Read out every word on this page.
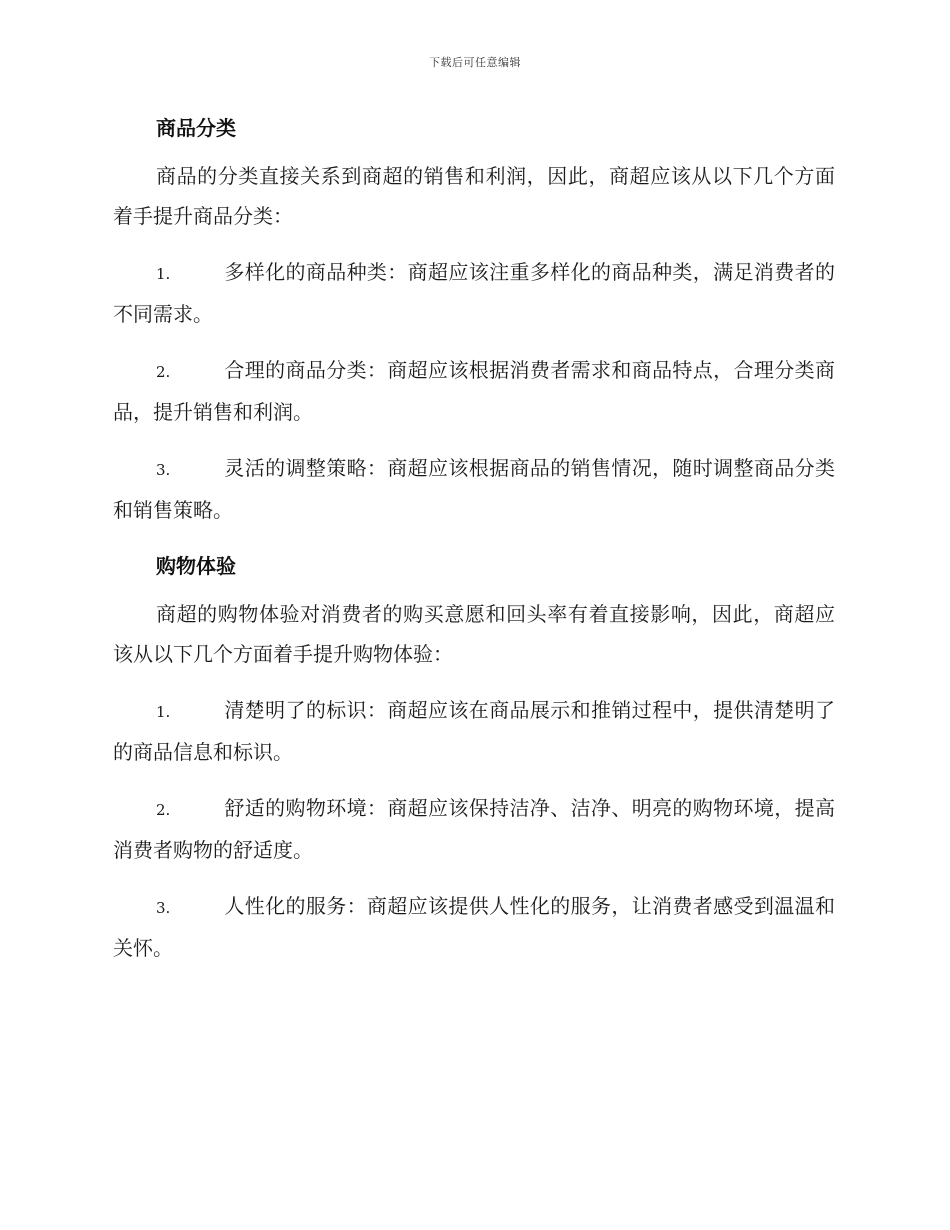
下载后可任意编辑
商品分类

商品的分类直接关系到商超的销售和利润，因此，商超应该从以下几个方面着手提升商品分类：

1.	多样化的商品种类：商超应该注重多样化的商品种类，满足消费者的不同需求。

2.	合理的商品分类：商超应该根据消费者需求和商品特点，合理分类商品，提升销售和利润。

3.	灵活的调整策略：商超应该根据商品的销售情况，随时调整商品分类和销售策略。

购物体验

商超的购物体验对消费者的购买意愿和回头率有着直接影响，因此，商超应该从以下几个方面着手提升购物体验：

1.	清楚明了的标识：商超应该在商品展示和推销过程中，提供清楚明了的商品信息和标识。

2.	舒适的购物环境：商超应该保持洁净、洁净、明亮的购物环境，提高消费者购物的舒适度。

3.	人性化的服务：商超应该提供人性化的服务，让消费者感受到温温和关怀。
